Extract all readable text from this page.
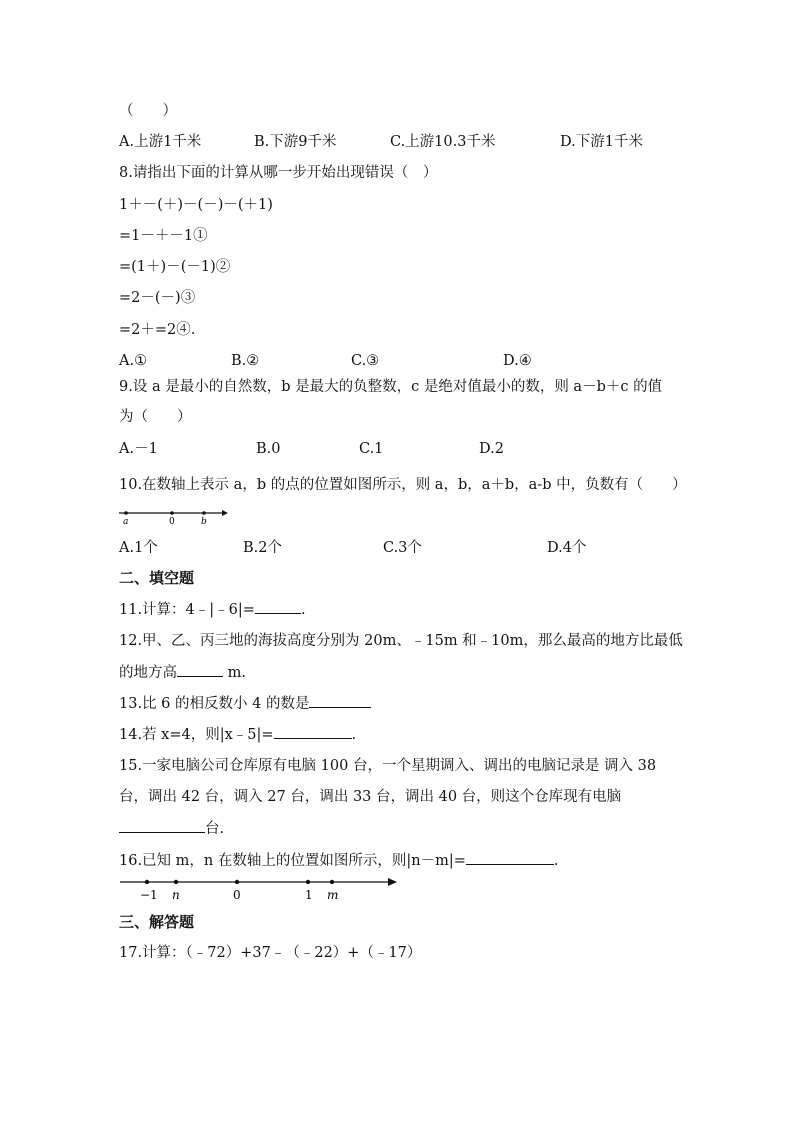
（　　）
A.上游1千米	B.下游9千米	C.上游10.3千米	D.下游1千米
8.请指出下面的计算从哪一步开始出现错误（　）
1＋－(＋)－(－)－(＋1)
=1－＋－1①
=(1＋)－(－1)②
=2－(－)③
=2＋=2④.
A.①	B.②	C.③	D.④
9.设 a 是最小的自然数，b 是最大的负整数，c 是绝对值最小的数，则 a－b＋c 的值
为（　　）
A.－1	B.0	C.1	D.2
10.在数轴上表示 a，b 的点的位置如图所示，则 a，b，a＋b，a-b 中，负数有（　　）
a	0	b
A.1个	B.2个	C.3个	D.4个
二、填空题
11.计算：4﹣|﹣6|=	.
12.甲、乙、丙三地的海拔高度分别为 20m、﹣15m 和﹣10m，那么最高的地方比最低
的地方高	m.
13.比 6 的相反数小 4 的数是
14.若 x=4，则|x﹣5|=	.
15.一家电脑公司仓库原有电脑 100 台，一个星期调入、调出的电脑记录是 调入 38
台，调出 42 台，调入 27 台，调出 33 台，调出 40 台，则这个仓库现有电脑
台.
16.已知 m，n 在数轴上的位置如图所示，则|n－m|=	.
−1 n	0	1 m
三、解答题
17.计算：（﹣72）+37﹣（﹣22）+（﹣17）
